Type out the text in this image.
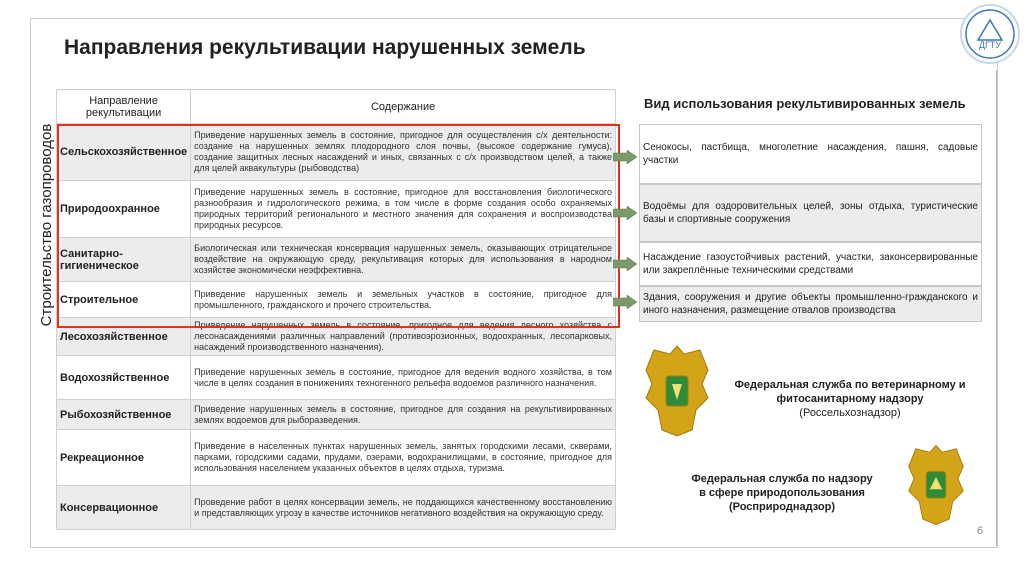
ДГТУ
Направления рекультивации нарушенных земель
Строительство газопроводов
Направление рекультивации	Содержание
Сельскохозяйственное	Приведение нарушенных земель в состояние, пригодное для осуществления с/х деятельности: создание на нарушенных землях плодородного слоя почвы, (высокое содержание гумуса), создание защитных лесных насаждений и иных, связанных с с/х производством целей, а также для целей аквакультуры (рыбоводства)
Природоохранное	Приведение нарушенных земель в состояние, пригодное для восстановления биологического разнообразия и гидрологического режима, в том числе в форме создания особо охраняемых природных территорий регионального и местного значения для сохранения и воспроизводства природных ресурсов.
Санитарно-гигиеническое	Биологическая или техническая консервация нарушенных земель, оказывающих отрицательное воздействие на окружающую среду, рекультивация которых для использования в народном хозяйстве экономически неэффективна.
Строительное	Приведение нарушенных земель и земельных участков в состояние, пригодное для промышленного, гражданского и прочего строительства.
Лесохозяйственное	Приведение нарушенных земель в состояние, пригодное для ведения лесного хозяйства с лесонасаждениями различных направлений (противоэрозионных, водоохранных, лесопарковых, насаждений производственного назначения).
Водохозяйственное	Приведение нарушенных земель в состояние, пригодное для ведения водного хозяйства, в том числе в целях создания в понижениях техногенного рельефа водоемов различного назначения.
Рыбохозяйственное	Приведение нарушенных земель в состояние, пригодное для создания на рекультивированных землях водоемов для рыборазведения.
Рекреационное	Приведение в населенных пунктах нарушенных земель, занятых городскими лесами, скверами, парками, городскими садами, прудами, озерами, водохранилищами, в состояние, пригодное для использования населением указанных объектов в целях отдыха, туризма.
Консервационное	Проведение работ в целях консервации земель, не поддающихся качественному восстановлению и представляющих угрозу в качестве источников негативного воздействия на окружающую среду.
Вид использования рекультивированных земель
Сенокосы, пастбища, многолетние насаждения, пашня, садовые участки
Водоёмы для оздоровительных целей, зоны отдыха, туристические базы и спортивные сооружения
Насаждение газоустойчивых растений, участки, законсервированные или закреплённые техническими средствами
Здания, сооружения и другие объекты промышленно-гражданского и иного назначения, размещение отвалов производства
Федеральная служба по ветеринарному и
фитосанитарному надзору
(Россельхознадзор)
Федеральная служба по надзору
в сфере природопользования
(Росприроднадзор)
6
